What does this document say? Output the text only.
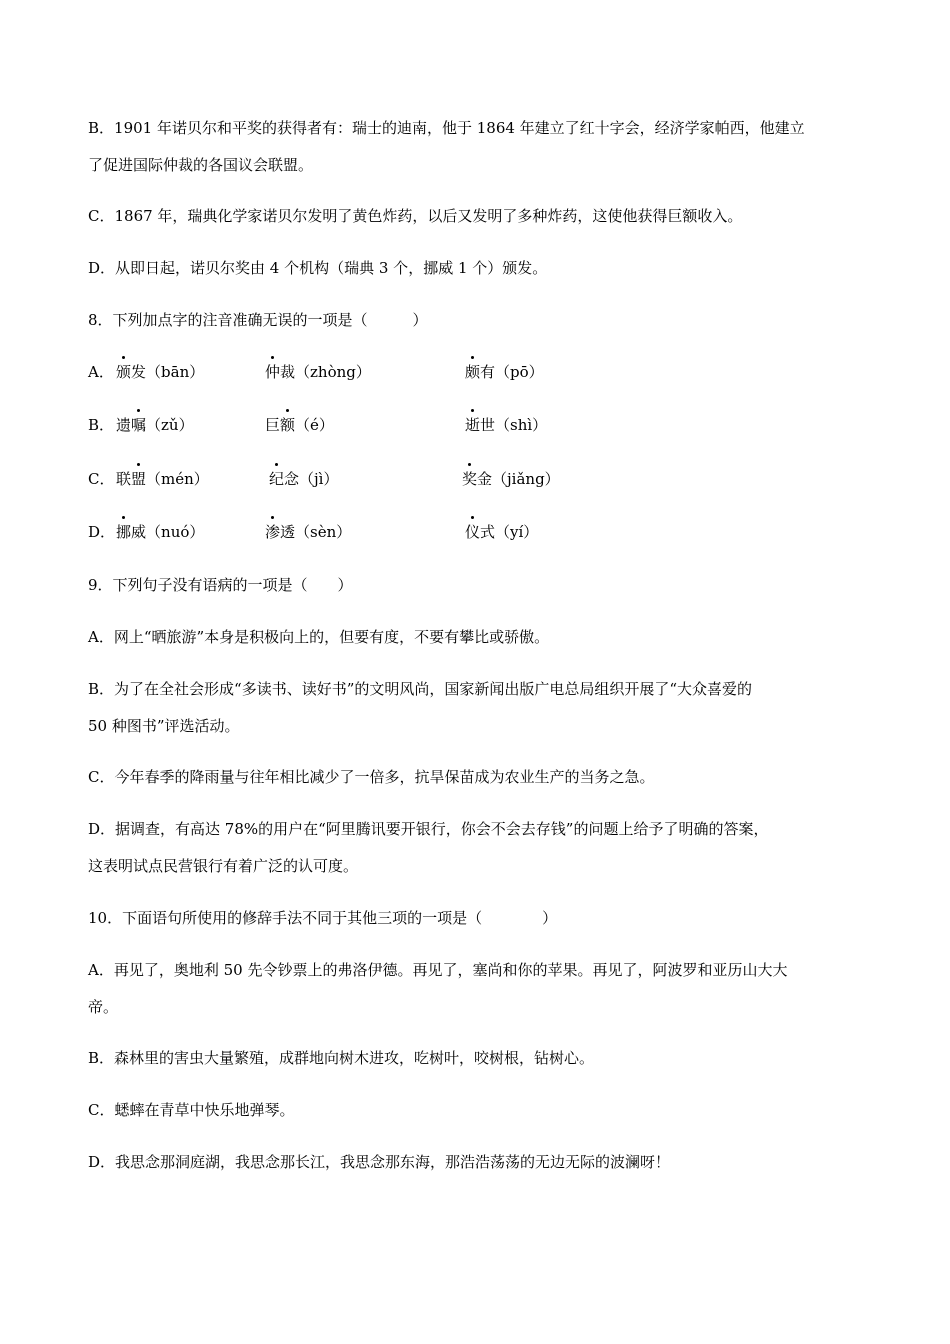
B．1901 年诺贝尔和平奖的获得者有：瑞士的迪南，他于 1864 年建立了红十字会，经济学家帕西，他建立
了促进国际仲裁的各国议会联盟。
C．1867 年，瑞典化学家诺贝尔发明了黄色炸药，以后又发明了多种炸药，这使他获得巨额收入。
D．从即日起，诺贝尔奖由 4 个机构（瑞典 3 个，挪威 1 个）颁发。
8．下列加点字的注音准确无误的一项是（　　　）
A． 颁发（bān）	仲裁（zhòng）	颇有（pō）
B． 遗嘱（zǔ）	巨额（é）	逝世（shì）
C． 联盟（mén）	纪念（jì）	奖金（jiǎng）
D． 挪威（nuó）	渗透（sèn）	仪式（yí）
9．下列句子没有语病的一项是（　　）
A．网上“晒旅游”本身是积极向上的，但要有度，不要有攀比或骄傲。
B．为了在全社会形成“多读书、读好书”的文明风尚，国家新闻出版广电总局组织开展了“大众喜爱的
50 种图书”评选活动。
C．今年春季的降雨量与往年相比减少了一倍多，抗旱保苗成为农业生产的当务之急。
D．据调查，有高达 78%的用户在“阿里腾讯要开银行，你会不会去存钱”的问题上给予了明确的答案，
这表明试点民营银行有着广泛的认可度。
10．下面语句所使用的修辞手法不同于其他三项的一项是（　　　　）
A．再见了，奥地利 50 先令钞票上的弗洛伊德。再见了，塞尚和你的苹果。再见了，阿波罗和亚历山大大
帝。
B．森林里的害虫大量繁殖，成群地向树木进攻，吃树叶，咬树根，钻树心。
C．蟋蟀在青草中快乐地弹琴。
D．我思念那洞庭湖，我思念那长江，我思念那东海，那浩浩荡荡的无边无际的波澜呀！
